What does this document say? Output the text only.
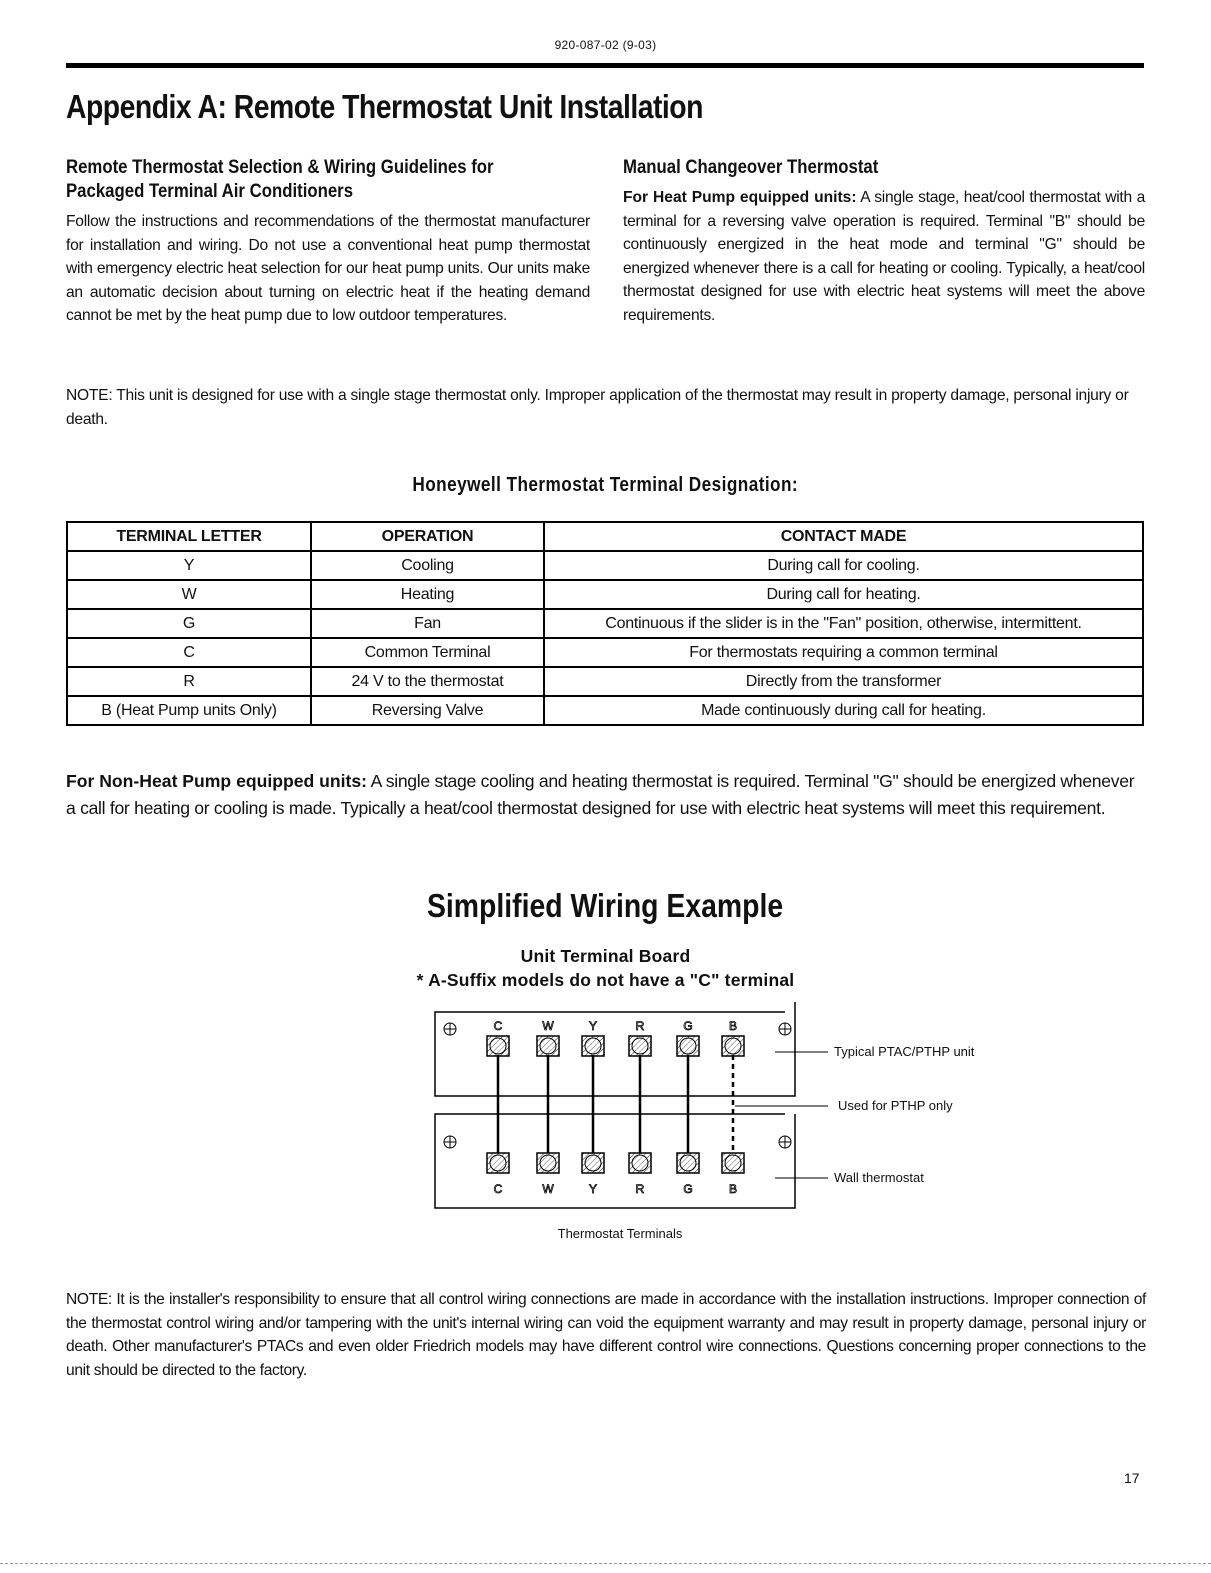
920-087-02 (9-03)
Appendix A: Remote Thermostat Unit Installation
Remote Thermostat Selection & Wiring Guidelines for
Packaged Terminal Air Conditioners
Follow the instructions and recommendations of the thermostat manufacturer for installation and wiring. Do not use a conventional heat pump thermostat with emergency electric heat selection for our heat pump units. Our units make an automatic decision about turning on electric heat if the heating demand cannot be met by the heat pump due to low outdoor temperatures.
Manual Changeover Thermostat
For Heat Pump equipped units: A single stage, heat/cool thermostat with a terminal for a reversing valve operation is required. Terminal "B" should be continuously energized in the heat mode and terminal "G" should be energized whenever there is a call for heating or cooling. Typically, a heat/cool thermostat designed for use with electric heat systems will meet the above requirements.
NOTE: This unit is designed for use with a single stage thermostat only. Improper application of the thermostat may result in property damage, personal injury or death.
Honeywell Thermostat Terminal Designation:
TERMINAL LETTER	OPERATION	CONTACT MADE
Y	Cooling	During call for cooling.
W	Heating	During call for heating.
G	Fan	Continuous if the slider is in the "Fan" position, otherwise, intermittent.
C	Common Terminal	For thermostats requiring a common terminal
R	24 V to the thermostat	Directly from the transformer
B (Heat Pump units Only)	Reversing Valve	Made continuously during call for heating.
For Non-Heat Pump equipped units: A single stage cooling and heating thermostat is required. Terminal "G" should be energized whenever a call for heating or cooling is made. Typically a heat/cool thermostat designed for use with electric heat systems will meet this requirement.
Simplified Wiring Example
Unit Terminal Board
* A-Suffix models do not have a "C" terminal
C	W	Y	R	G	B
C	W	Y	R	G	B
Typical PTAC/PTHP unit
Used for PTHP only
Wall thermostat
Thermostat Terminals
NOTE: It is the installer's responsibility to ensure that all control wiring connections are made in accordance with the installation instructions. Improper connection of the thermostat control wiring and/or tampering with the unit's internal wiring can void the equipment warranty and may result in property damage, personal injury or death. Other manufacturer's PTACs and even older Friedrich models may have different control wire connections. Questions concerning proper connections to the unit should be directed to the factory.
17
